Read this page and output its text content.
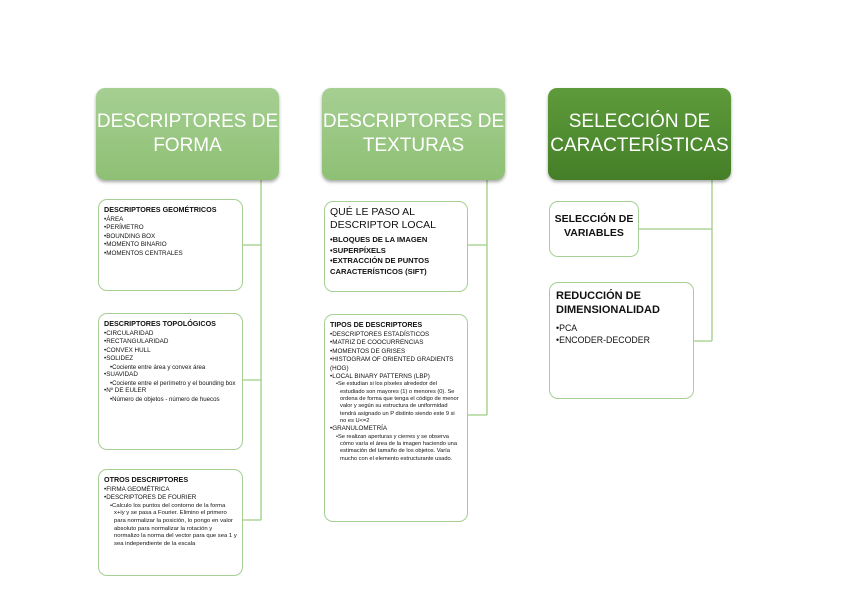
DESCRIPTORES DE
FORMA
DESCRIPTORES GEOMÉTRICOS
•ÁREA
•PERÍMETRO
•BOUNDING BOX
•MOMENTO BINARIO
•MOMENTOS CENTRALES
DESCRIPTORES TOPOLÓGICOS
•CIRCULARIDAD
•RECTANGULARIDAD
•CONVEX HULL
•SOLIDEZ
•Cociente entre área y convex área
•SUAVIDAD
•Cociente entre el perímetro y el bounding box
•Nº DE EULER
•Número de objetos - número de huecos
OTROS DESCRIPTORES
•FIRMA GEOMÉTRICA
•DESCRIPTORES DE FOURIER
•Calculo los puntos del contorno de la forma x+iy y se pasa a Fourier. Elimino el primero para normalizar la posición, lo pongo en valor absoluto para normalizar la rotación y normalizo la norma del vector para que sea 1 y sea independiente de la escala
DESCRIPTORES DE
TEXTURAS
QUÉ LE PASO AL DESCRIPTOR LOCAL
•BLOQUES DE LA IMAGEN
•SUPERPÍXELS
•EXTRACCIÓN DE PUNTOS CARACTERÍSTICOS (SIFT)
TIPOS DE DESCRIPTORES
•DESCRIPTORES ESTADÍSTICOS
•MATRIZ DE COOCURRENCIAS
•MOMENTOS DE GRISES
•HISTOGRAM OF ORIENTED GRADIENTS (HOG)
•LOCAL BINARY PATTERNS (LBP)
•Se estudian si los píxeles alrededor del estudiado son mayores (1) o menores (0). Se ordena de forma que tenga el código de menor valor y según su estructura de uniformidad tendrá asignado un P distinto siendo este 9 si no es U<=2
•GRANULOMETRÍA
•Se realizan aperturas y cierres y se observa cómo varía el área de la imagen haciendo una estimación del tamaño de los objetos. Varía mucho con el elemento estructurante usado.
SELECCIÓN DE
CARACTERÍSTICAS
SELECCIÓN DE VARIABLES
REDUCCIÓN DE DIMENSIONALIDAD
•PCA
•ENCODER-DECODER
